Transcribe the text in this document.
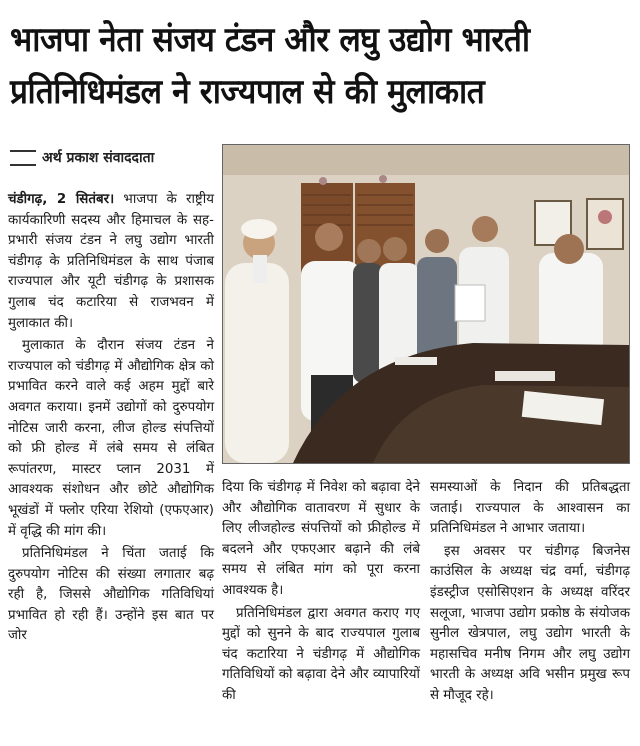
भाजपा नेता संजय टंडन और लघु उद्योग भारती
प्रतिनिधिमंडल ने राज्यपाल से की मुलाकात
अर्थ प्रकाश संवाददाता

चंडीगढ़, 2 सितंबर। भाजपा के राष्ट्रीय कार्यकारिणी सदस्य और हिमाचल के सह-प्रभारी संजय टंडन ने लघु उद्योग भारती चंडीगढ़ के प्रतिनिधिमंडल के साथ पंजाब राज्यपाल और यूटी चंडीगढ़ के प्रशासक गुलाब चंद कटारिया से राजभवन में मुलाकात की।

मुलाकात के दौरान संजय टंडन ने राज्यपाल को चंडीगढ़ में औद्योगिक क्षेत्र को प्रभावित करने वाले कई अहम मुद्दों बारे अवगत कराया। इनमें उद्योगों को दुरुपयोग नोटिस जारी करना, लीज होल्ड संपत्तियों को फ्री होल्ड में लंबे समय से लंबित रूपांतरण, मास्टर प्लान 2031 में आवश्यक संशोधन और छोटे औद्योगिक भूखंडों में फ्लोर एरिया रेशियो (एफएआर) में वृद्धि की मांग की।

प्रतिनिधिमंडल ने चिंता जताई कि दुरुपयोग नोटिस की संख्या लगातार बढ़ रही है, जिससे औद्योगिक गतिविधियां प्रभावित हो रही हैं। उन्होंने इस बात पर जोर

दिया कि चंडीगढ़ में निवेश को बढ़ावा देने और औद्योगिक वातावरण में सुधार के लिए लीजहोल्ड संपत्तियों को फ्रीहोल्ड में बदलने और एफएआर बढ़ाने की लंबे समय से लंबित मांग को पूरा करना आवश्यक है।

प्रतिनिधिमंडल द्वारा अवगत कराए गए मुद्दों को सुनने के बाद राज्यपाल गुलाब चंद कटारिया ने चंडीगढ़ में औद्योगिक गतिविधियों को बढ़ावा देने और व्यापारियों की

समस्याओं के निदान की प्रतिबद्धता जताई। राज्यपाल के आश्वासन का प्रतिनिधिमंडल ने आभार जताया।

इस अवसर पर चंडीगढ़ बिजनेस काउंसिल के अध्यक्ष चंद्र वर्मा, चंडीगढ़ इंडस्ट्रीज एसोसिएशन के अध्यक्ष वरिंदर सलूजा, भाजपा उद्योग प्रकोष्ठ के संयोजक सुनील खेत्रपाल, लघु उद्योग भारती के महासचिव मनीष निगम और लघु उद्योग भारती के अध्यक्ष अवि भसीन प्रमुख रूप से मौजूद रहे।
